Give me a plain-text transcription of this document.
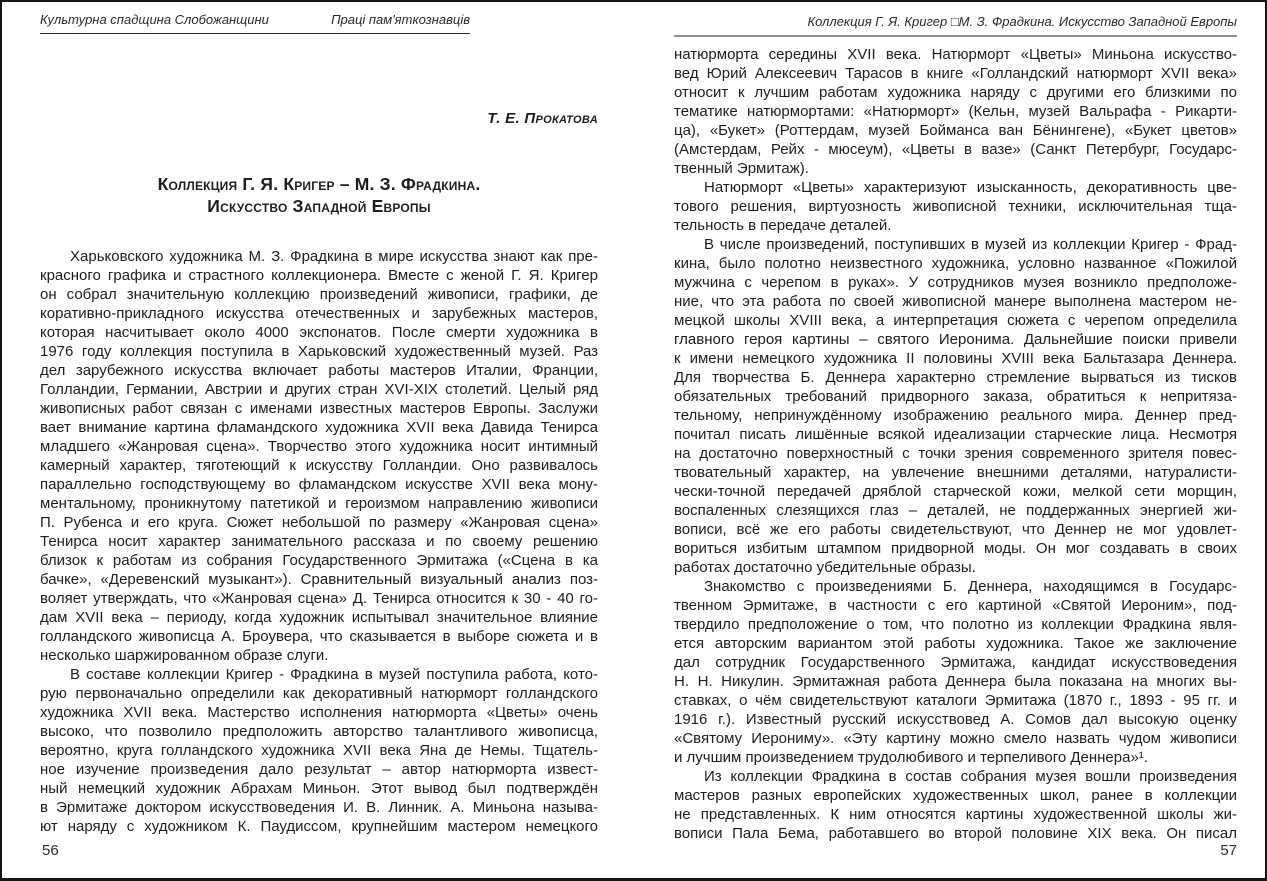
Культурна спадщина Слобожанщини	Праці пам'яткознавців
Т. Е. Прокатова
Коллекция Г. Я. Кригер – М. З. Фрадкина.
Искусство Западной Европы
Харьковского художника М. З. Фрадкина в мире искусства знают как пре-
красного графика и страстного коллекционера. Вместе с женой Г. Я. Кригер
он собрал значительную коллекцию произведений живописи, графики, де
коративно-прикладного искусства отечественных и зарубежных мастеров,
которая насчитывает около 4000 экспонатов. После смерти художника в
1976 году коллекция поступила в Харьковский художественный музей. Раз
дел зарубежного искусства включает работы мастеров Италии, Франции,
Голландии, Германии, Австрии и других стран XVI-XIX столетий. Целый ряд
живописных работ связан с именами известных мастеров Европы. Заслужи
вает внимание картина фламандского художника XVII века Давида Тенирса
младшего «Жанровая сцена». Творчество этого художника носит интимный
камерный характер, тяготеющий к искусству Голландии. Оно развивалось
параллельно господствующему во фламандском искусстве XVII века мону-
ментальному, проникнутому патетикой и героизмом направлению живописи
П. Рубенса и его круга. Сюжет небольшой по размеру «Жанровая сцена»
Тенирса носит характер занимательного рассказа и по своему решению
близок к работам из собрания Государственного Эрмитажа («Сцена в ка
бачке», «Деревенский музыкант»). Сравнительный визуальный анализ поз-
воляет утверждать, что «Жанровая сцена» Д. Тенирса относится к 30 - 40 го-
дам XVII века – периоду, когда художник испытывал значительное влияние
голландского живописца А. Броувера, что сказывается в выборе сюжета и в
несколько шаржированном образе слуги.
В составе коллекции Кригер - Фрадкина в музей поступила работа, кото-
рую первоначально определили как декоративный натюрморт голландского
художника XVII века. Мастерство исполнения натюрморта «Цветы» очень
высоко, что позволило предположить авторство талантливого живописца,
вероятно, круга голландского художника XVII века Яна де Немы. Тщатель-
ное изучение произведения дало результат – автор натюрморта извест-
ный немецкий художник Абрахам Миньон. Этот вывод был подтверждён
в Эрмитаже доктором искусствоведения И. В. Линник. А. Миньона называ-
ют наряду с художником К. Паудиссом, крупнейшим мастером немецкого
Коллекция Г. Я. Кригер □М. З. Фрадкина. Искусство Западной Европы
натюрморта середины XVII века. Натюрморт «Цветы» Миньона искусство-
вед Юрий Алексеевич Тарасов в книге «Голландский натюрморт XVII века»
относит к лучшим работам художника наряду с другими его близкими по
тематике натюрмортами: «Натюрморт» (Кельн, музей Вальрафа - Рикарти-
ца), «Букет» (Роттердам, музей Бойманса ван Бёнингене), «Букет цветов»
(Амстердам, Рейх - мюсеум), «Цветы в вазе» (Санкт Петербург, Государс-
твенный Эрмитаж).
Натюрморт «Цветы» характеризуют изысканность, декоративность цве-
тового решения, виртуозность живописной техники, исключительная тща-
тельность в передаче деталей.
В числе произведений, поступивших в музей из коллекции Кригер - Фрад-
кина, было полотно неизвестного художника, условно названное «Пожилой
мужчина с черепом в руках». У сотрудников музея возникло предположе-
ние, что эта работа по своей живописной манере выполнена мастером не-
мецкой школы XVIII века, а интерпретация сюжета с черепом определила
главного героя картины – святого Иеронима. Дальнейшие поиски привели
к имени немецкого художника II половины XVIII века Бальтазара Деннера.
Для творчества Б. Деннера характерно стремление вырваться из тисков
обязательных требований придворного заказа, обратиться к непритяза-
тельному, непринуждённому изображению реального мира. Деннер пред-
почитал писать лишённые всякой идеализации старческие лица. Несмотря
на достаточно поверхностный с точки зрения современного зрителя повес-
твовательный характер, на увлечение внешними деталями, натуралисти-
чески-точной передачей дряблой старческой кожи, мелкой сети морщин,
воспаленных слезящихся глаз – деталей, не поддержанных энергией жи-
вописи, всё же его работы свидетельствуют, что Деннер не мог удовлет-
вориться избитым штампом придворной моды. Он мог создавать в своих
работах достаточно убедительные образы.
Знакомство с произведениями Б. Деннера, находящимся в Государс-
твенном Эрмитаже, в частности с его картиной «Святой Иероним», под-
твердило предположение о том, что полотно из коллекции Фрадкина явля-
ется авторским вариантом этой работы художника. Такое же заключение
дал сотрудник Государственного Эрмитажа, кандидат искусствоведения
Н. Н. Никулин. Эрмитажная работа Деннера была показана на многих вы-
ставках, о чём свидетельствуют каталоги Эрмитажа (1870 г., 1893 - 95 гг. и
1916 г.). Известный русский искусствовед А. Сомов дал высокую оценку
«Святому Иерониму». «Эту картину можно смело назвать чудом живописи
и лучшим произведением трудолюбивого и терпеливого Деннера»¹.
Из коллекции Фрадкина в состав собрания музея вошли произведения
мастеров разных европейских художественных школ, ранее в коллекции
не представленных. К ним относятся картины художественной школы жи-
вописи Пала Бема, работавшего во второй половине XIX века. Он писал
56	57
